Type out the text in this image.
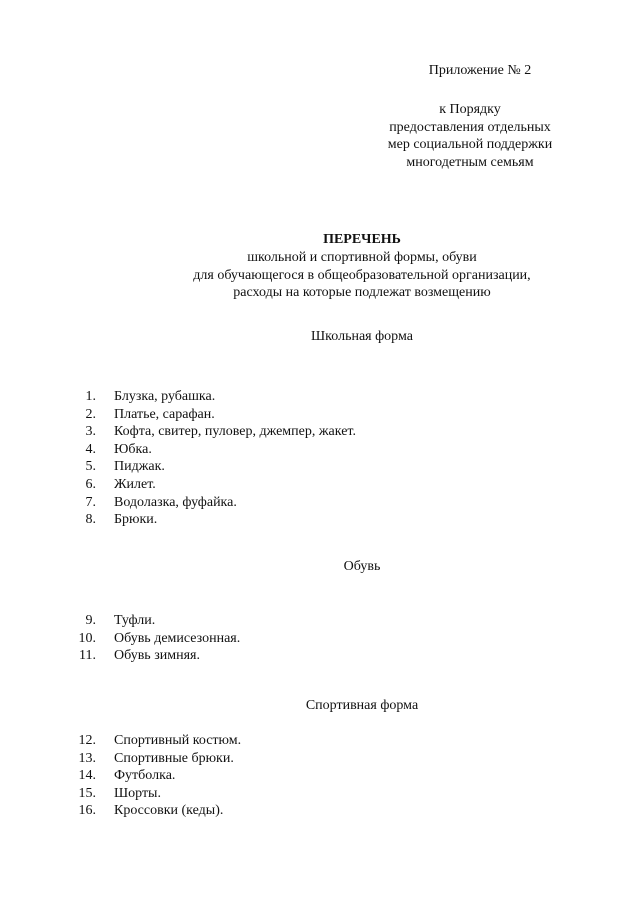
Приложение № 2
к Порядку
предоставления отдельных
мер социальной поддержки
многодетным семьям
ПЕРЕЧЕНЬ
школьной и спортивной формы, обуви
для обучающегося в общеобразовательной организации,
расходы на которые подлежат возмещению
Школьная форма
1. Блузка, рубашка.
2. Платье, сарафан.
3. Кофта, свитер, пуловер, джемпер, жакет.
4. Юбка.
5. Пиджак.
6. Жилет.
7. Водолазка, фуфайка.
8. Брюки.
Обувь
9. Туфли.
10. Обувь демисезонная.
11. Обувь зимняя.
Спортивная форма
12. Спортивный костюм.
13. Спортивные брюки.
14. Футболка.
15. Шорты.
16. Кроссовки (кеды).
